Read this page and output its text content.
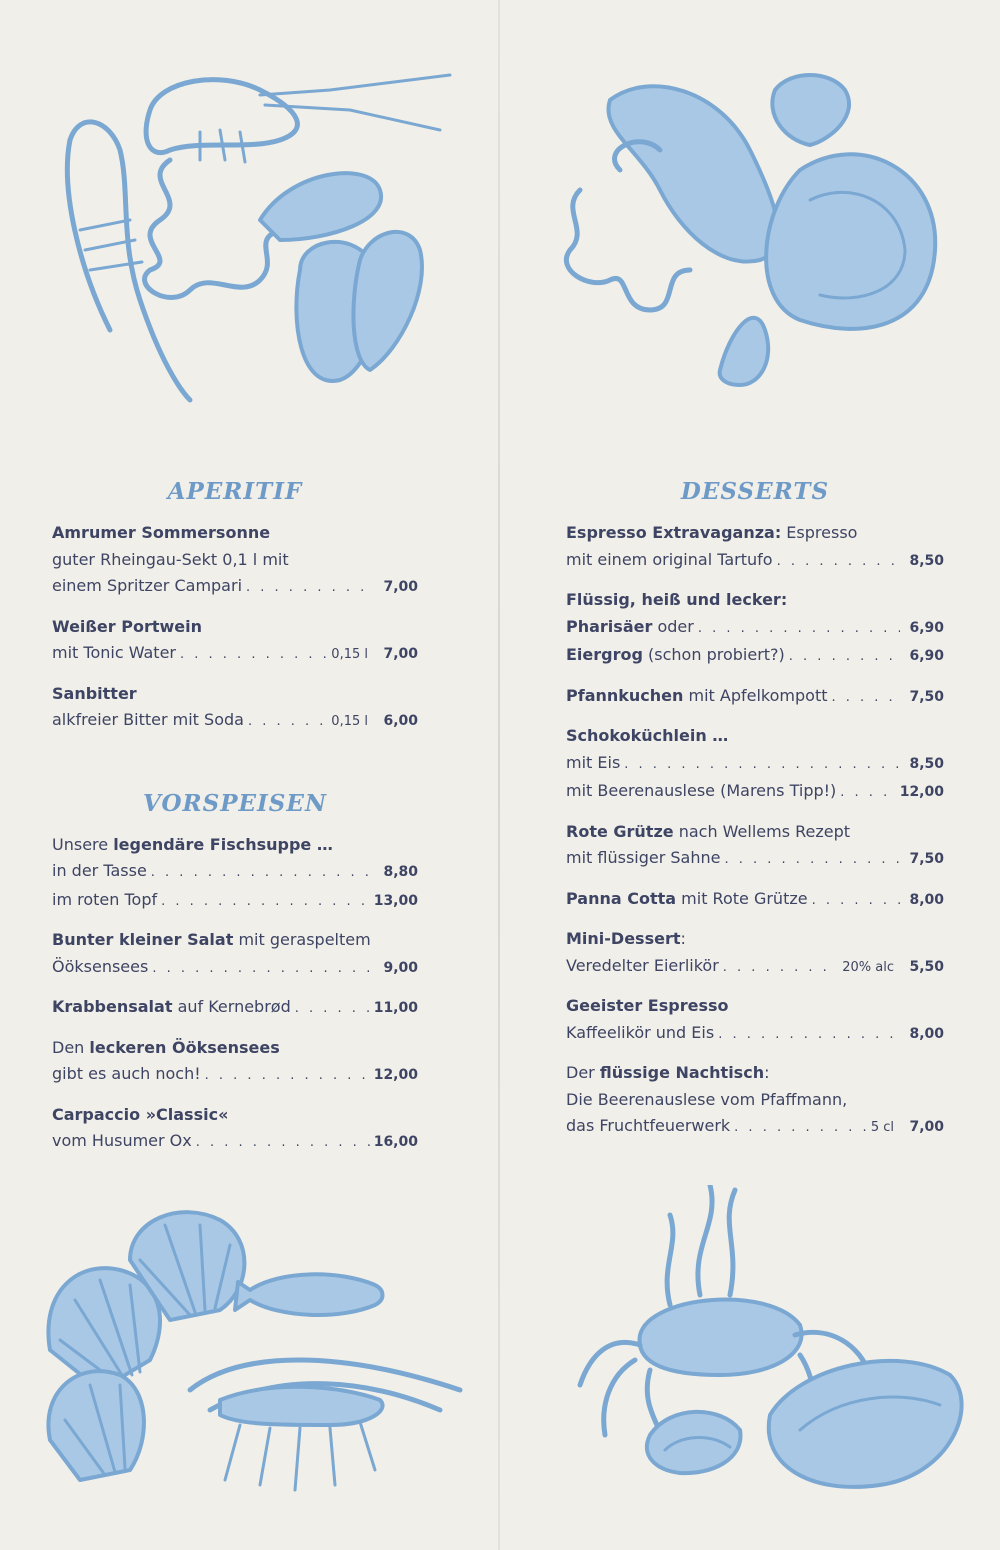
APERITIF
Amrumer Sommersonne
guter Rheingau-Sekt 0,1 l mit
einem Spritzer Campari . . .	7,00
Weißer Portwein
mit Tonic Water . . .	0,15 l	7,00
Sanbitter
alkfreier Bitter mit Soda . . .	0,15 l	6,00
VORSPEISEN
Unsere legendäre Fischsuppe …
in der Tasse . . .	8,80
im roten Topf . . .	13,00
Bunter kleiner Salat mit geraspeltem
Ööksensees . . .	9,00
Krabbensalat auf Kernebrød . . .	11,00
Den leckeren Ööksensees
gibt es auch noch! . . .	12,00
Carpaccio »Classic«
vom Husumer Ox . . .	16,00
DESSERTS
Espresso Extravaganza: Espresso
mit einem original Tartufo . . .	8,50
Flüssig, heiß und lecker:
Pharisäer oder . . .	6,90
Eiergrog (schon probiert?) . . .	6,90
Pfannkuchen mit Apfelkompott . . .	7,50
Schokoküchlein …
mit Eis . . .	8,50
mit Beerenauslese (Marens Tipp!) . . .	12,00
Rote Grütze nach Wellems Rezept
mit flüssiger Sahne . . .	7,50
Panna Cotta mit Rote Grütze . . .	8,00
Mini-Dessert:
Veredelter Eierlikör . . .	20% alc	5,50
Geeister Espresso
Kaffeelikör und Eis . . .	8,00
Der flüssige Nachtisch:
Die Beerenauslese vom Pfaffmann,
das Fruchtfeuerwerk . . .	5 cl	7,00
